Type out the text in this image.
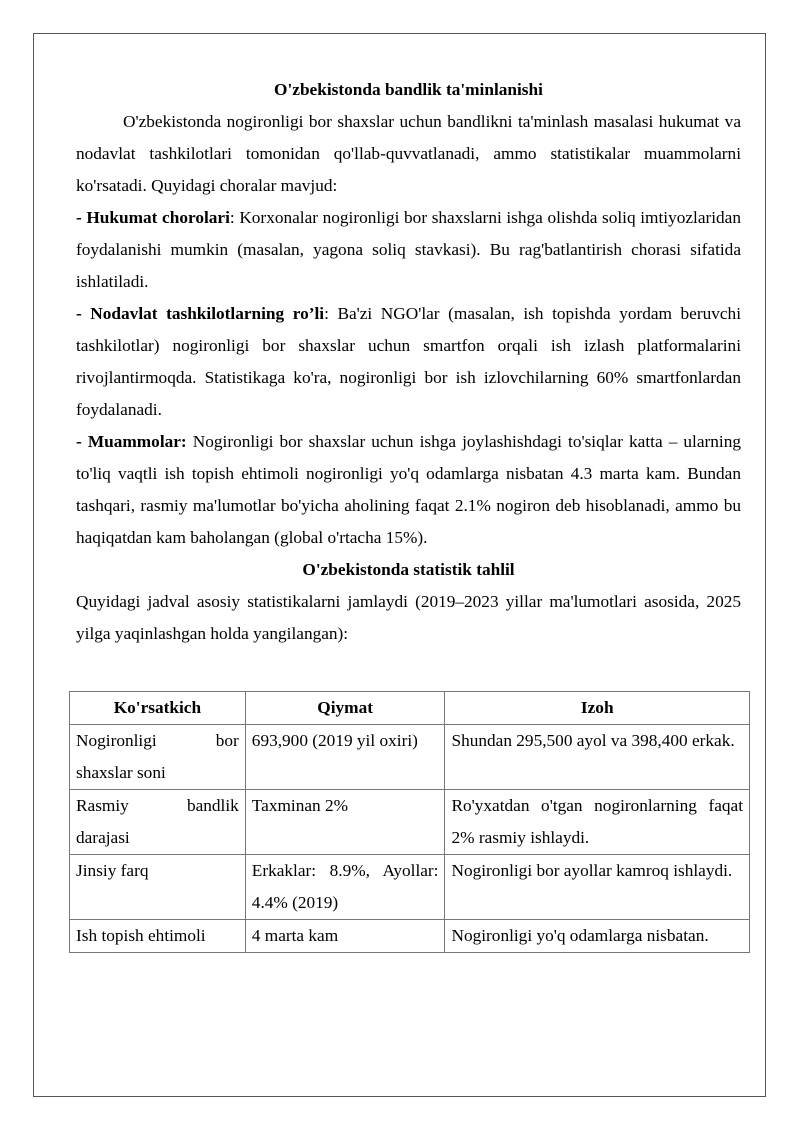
O'zbekistonda bandlik ta'minlanishi

O'zbekistonda nogironligi bor shaxslar uchun bandlikni ta'minlash masalasi hukumat va nodavlat tashkilotlari tomonidan qo'llab-quvvatlanadi, ammo statistikalar muammolarni ko'rsatadi. Quyidagi choralar mavjud:

- Hukumat chorolari: Korxonalar nogironligi bor shaxslarni ishga olishda soliq imtiyozlaridan foydalanishi mumkin (masalan, yagona soliq stavkasi). Bu rag'batlantirish chorasi sifatida ishlatiladi.

- Nodavlat tashkilotlarning ro’li: Ba'zi NGO'lar (masalan, ish topishda yordam beruvchi tashkilotlar) nogironligi bor shaxslar uchun smartfon orqali ish izlash platformalarini rivojlantirmoqda. Statistikaga ko'ra, nogironligi bor ish izlovchilarning 60% smartfonlardan foydalanadi.

- Muammolar: Nogironligi bor shaxslar uchun ishga joylashishdagi to'siqlar katta – ularning to'liq vaqtli ish topish ehtimoli nogironligi yo'q odamlarga nisbatan 4.3 marta kam. Bundan tashqari, rasmiy ma'lumotlar bo'yicha aholining faqat 2.1% nogiron deb hisoblanadi, ammo bu haqiqatdan kam baholangan (global o'rtacha 15%).

O'zbekistonda statistik tahlil

Quyidagi jadval asosiy statistikalarni jamlaydi (2019–2023 yillar ma'lumotlari asosida, 2025 yilga yaqinlashgan holda yangilangan):

Ko'rsatkich	Qiymat	Izoh
Nogironligi bor shaxslar soni	693,900 (2019 yil oxiri)	Shundan 295,500 ayol va 398,400 erkak.
Rasmiy bandlik darajasi	Taxminan 2%	Ro'yxatdan o'tgan nogironlarning faqat 2% rasmiy ishlaydi.
Jinsiy farq	Erkaklar: 8.9%, Ayollar: 4.4% (2019)	Nogironligi bor ayollar kamroq ishlaydi.
Ish topish ehtimoli	4 marta kam	Nogironligi yo'q odamlarga nisbatan.
